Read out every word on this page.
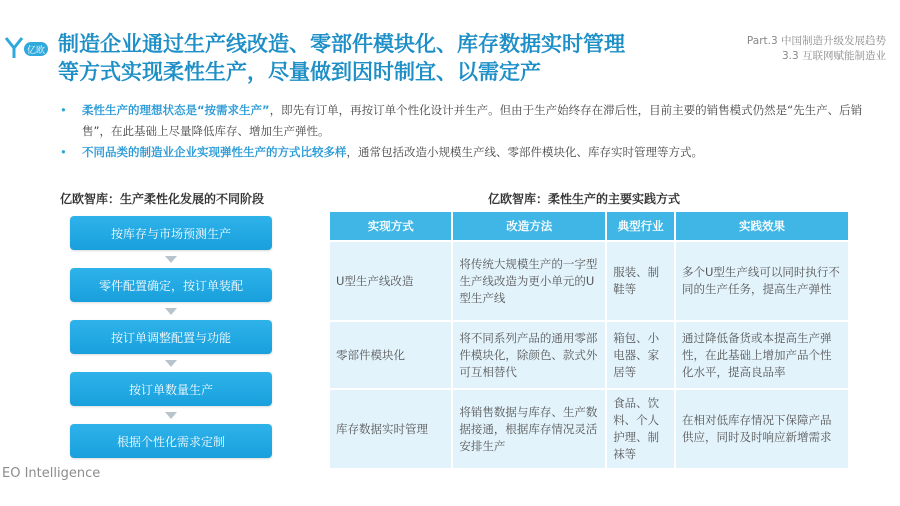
亿欧 制造企业通过生产线改造、零部件模块化、库存数据实时管理
等方式实现柔性生产，尽量做到因时制宜、以需定产
Part.3 中国制造升级发展趋势
3.3 互联网赋能制造业
• 柔性生产的理想状态是“按需求生产”，即先有订单，再按订单个性化设计并生产。但由于生产始终存在滞后性，目前主要的销售模式仍然是“先生产、后销售”，在此基础上尽量降低库存、增加生产弹性。
• 不同品类的制造业企业实现弹性生产的方式比较多样，通常包括改造小规模生产线、零部件模块化、库存实时管理等方式。
亿欧智库：生产柔性化发展的不同阶段
按库存与市场预测生产
零件配置确定，按订单装配
按订单调整配置与功能
按订单数量生产
根据个性化需求定制
亿欧智库：柔性生产的主要实践方式
实现方式	改造方法	典型行业	实践效果
U型生产线改造	将传统大规模生产的一字型生产线改造为更小单元的U型生产线	服装、制鞋等	多个U型生产线可以同时执行不同的生产任务，提高生产弹性
零部件模块化	将不同系列产品的通用零部件模块化，除颜色、款式外可互相替代	箱包、小电器、家居等	通过降低备货或本提高生产弹性，在此基础上增加产品个性化水平，提高良品率
库存数据实时管理	将销售数据与库存、生产数据接通，根据库存情况灵活安排生产	食品、饮料、个人护理、制袜等	在相对低库存情况下保障产品供应，同时及时响应新增需求
EO Intelligence
